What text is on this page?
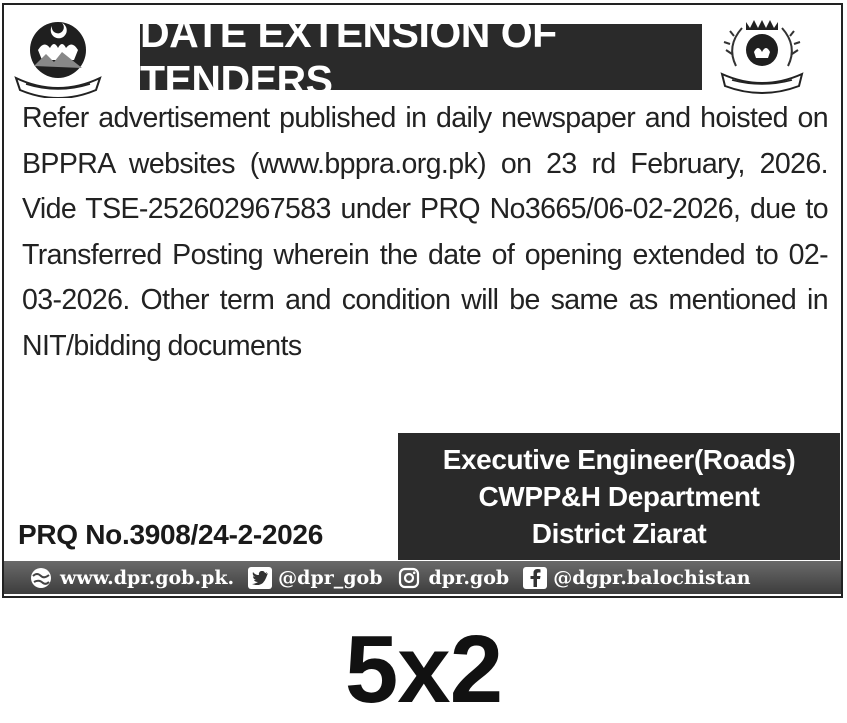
DATE EXTENSION OF TENDERS
Refer advertisement published in daily newspaper and hoisted on BPPRA websites (www.bppra.org.pk) on 23 rd February, 2026. Vide TSE-252602967583 under PRQ No3665/06-02-2026, due to Transferred Posting wherein the date of opening extended to 02-03-2026. Other term and condition will be same as mentioned in NIT/bidding documents
Executive Engineer(Roads)
CWPP&H Department
District Ziarat
PRQ No.3908/24-2-2026
www.dpr.gob.pk. @dpr_gob dpr.gob @dgpr.balochistan
5x2
